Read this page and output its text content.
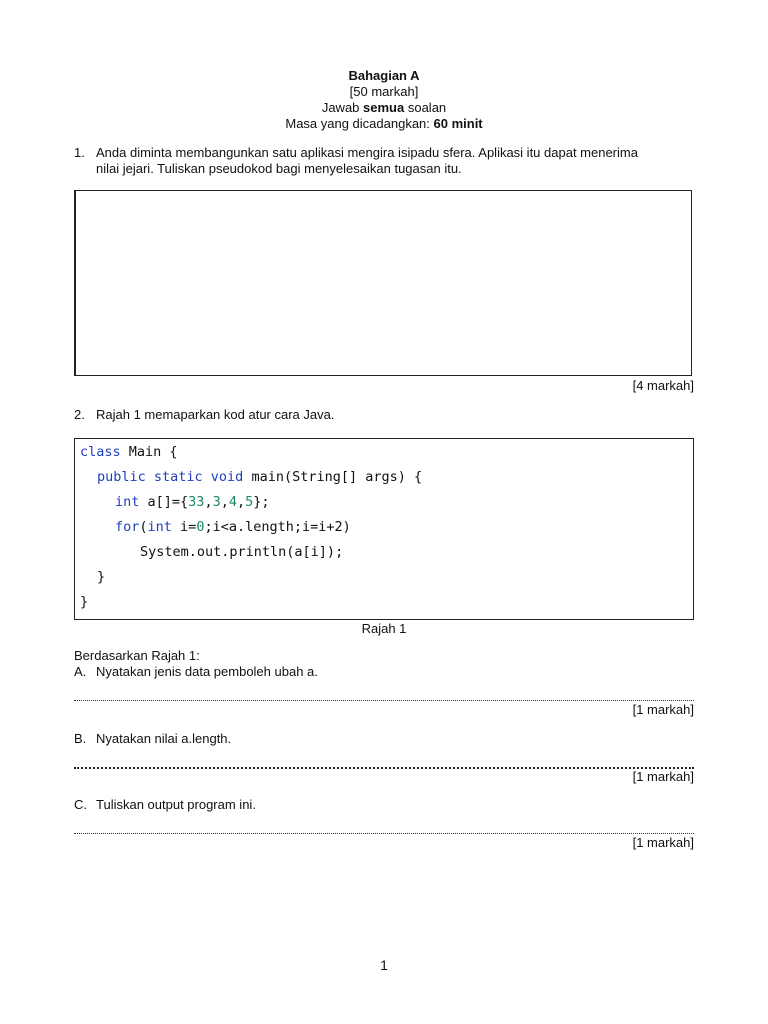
Bahagian A
[50 markah]
Jawab semua soalan
Masa yang dicadangkan: 60 minit
1. Anda diminta membangunkan satu aplikasi mengira isipadu sfera. Aplikasi itu dapat menerima
nilai jejari. Tuliskan pseudokod bagi menyelesaikan tugasan itu.
[4 markah]
2. Rajah 1 memaparkan kod atur cara Java.
class Main {
public static void main(String[] args) {
int a[]={33,3,4,5};
for(int i=0;i<a.length;i=i+2)
System.out.println(a[i]);
}
}
Rajah 1
Berdasarkan Rajah 1:
A. Nyatakan jenis data pemboleh ubah a.
[1 markah]
B. Nyatakan nilai a.length.
[1 markah]
C. Tuliskan output program ini.
[1 markah]
1
